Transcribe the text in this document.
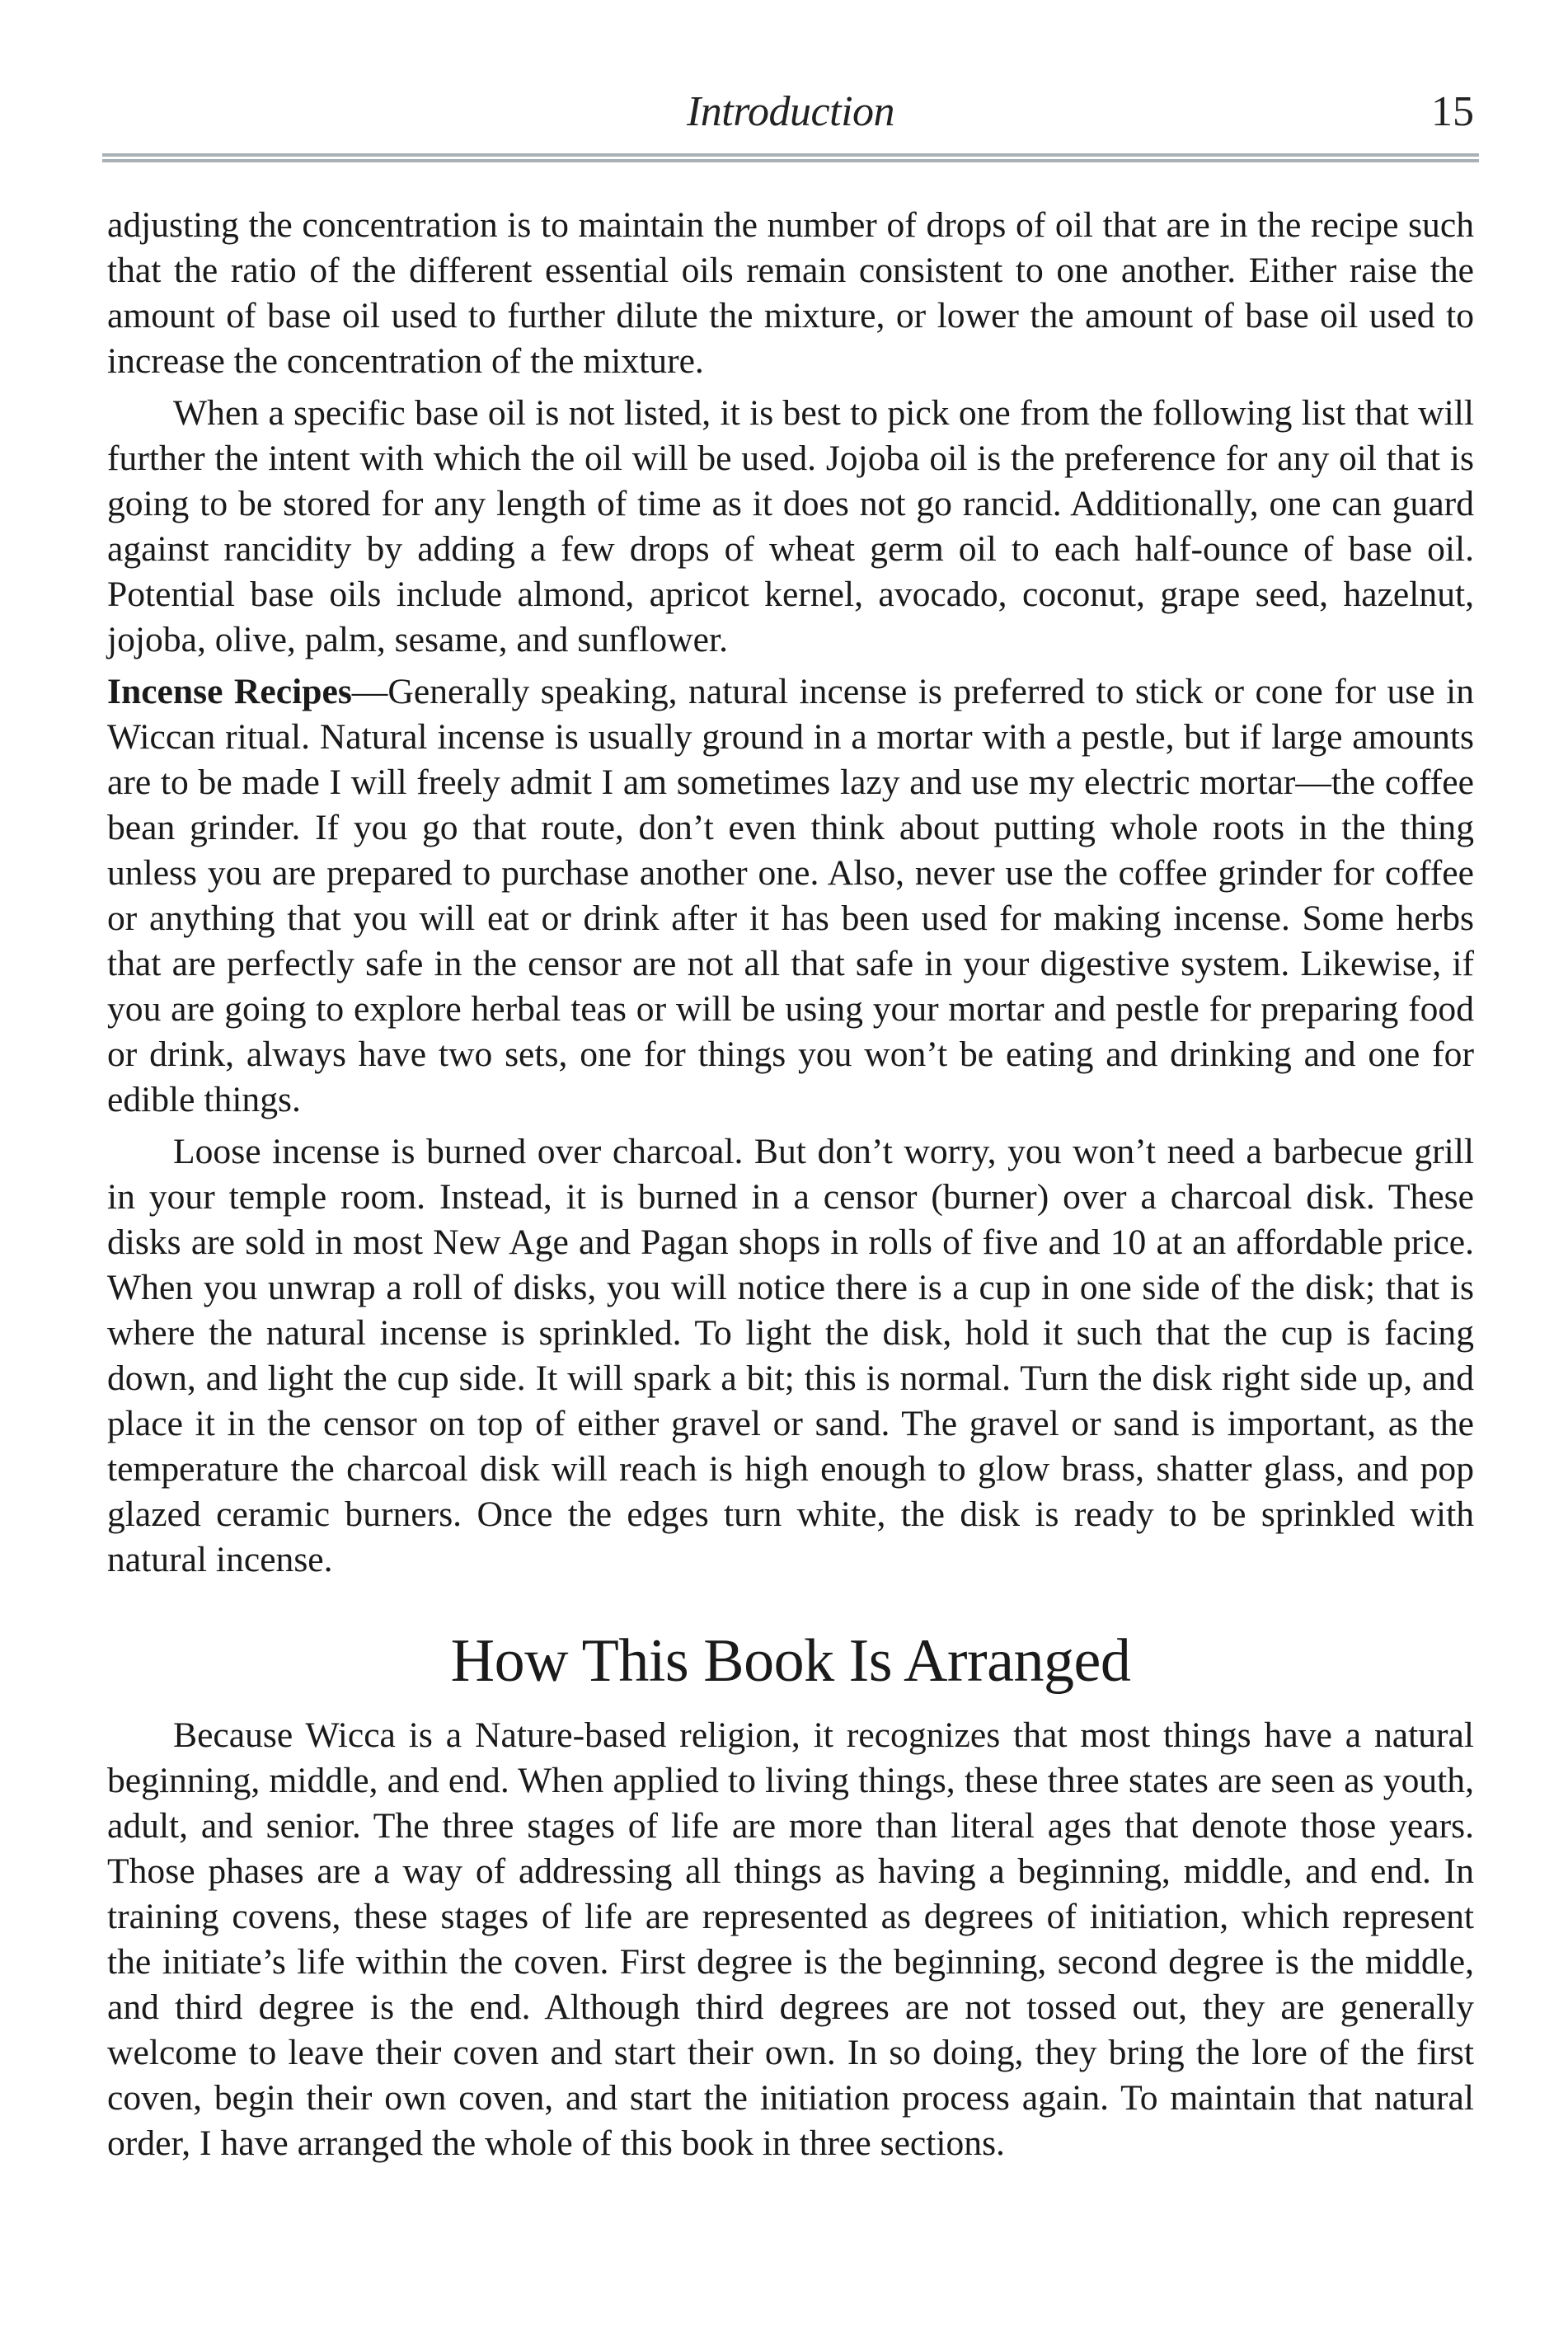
Introduction	15

adjusting the concentration is to maintain the number of drops of oil that are in the recipe such that the ratio of the different essential oils remain consistent to one another. Either raise the amount of base oil used to further dilute the mixture, or lower the amount of base oil used to increase the concentration of the mixture.

When a specific base oil is not listed, it is best to pick one from the following list that will further the intent with which the oil will be used. Jojoba oil is the preference for any oil that is going to be stored for any length of time as it does not go rancid. Additionally, one can guard against rancidity by adding a few drops of wheat germ oil to each half-ounce of base oil. Potential base oils include almond, apricot kernel, avocado, coconut, grape seed, hazelnut, jojoba, olive, palm, sesame, and sunflower.

Incense Recipes—Generally speaking, natural incense is preferred to stick or cone for use in Wiccan ritual. Natural incense is usually ground in a mortar with a pestle, but if large amounts are to be made I will freely admit I am sometimes lazy and use my electric mortar—the coffee bean grinder. If you go that route, don’t even think about putting whole roots in the thing unless you are prepared to purchase another one. Also, never use the coffee grinder for coffee or anything that you will eat or drink after it has been used for making incense. Some herbs that are perfectly safe in the censor are not all that safe in your digestive system. Likewise, if you are going to explore herbal teas or will be using your mortar and pestle for preparing food or drink, always have two sets, one for things you won’t be eating and drinking and one for edible things.

Loose incense is burned over charcoal. But don’t worry, you won’t need a barbecue grill in your temple room. Instead, it is burned in a censor (burner) over a charcoal disk. These disks are sold in most New Age and Pagan shops in rolls of five and 10 at an affordable price. When you unwrap a roll of disks, you will notice there is a cup in one side of the disk; that is where the natural incense is sprinkled. To light the disk, hold it such that the cup is facing down, and light the cup side. It will spark a bit; this is normal. Turn the disk right side up, and place it in the censor on top of either gravel or sand. The gravel or sand is important, as the temperature the charcoal disk will reach is high enough to glow brass, shatter glass, and pop glazed ceramic burners. Once the edges turn white, the disk is ready to be sprinkled with natural incense.

How This Book Is Arranged

Because Wicca is a Nature-based religion, it recognizes that most things have a natural beginning, middle, and end. When applied to living things, these three states are seen as youth, adult, and senior. The three stages of life are more than literal ages that denote those years. Those phases are a way of addressing all things as having a beginning, middle, and end. In training covens, these stages of life are represented as degrees of initiation, which represent the initiate’s life within the coven. First degree is the beginning, second degree is the middle, and third degree is the end. Although third degrees are not tossed out, they are generally welcome to leave their coven and start their own. In so doing, they bring the lore of the first coven, begin their own coven, and start the initiation process again. To maintain that natural order, I have arranged the whole of this book in three sections.
